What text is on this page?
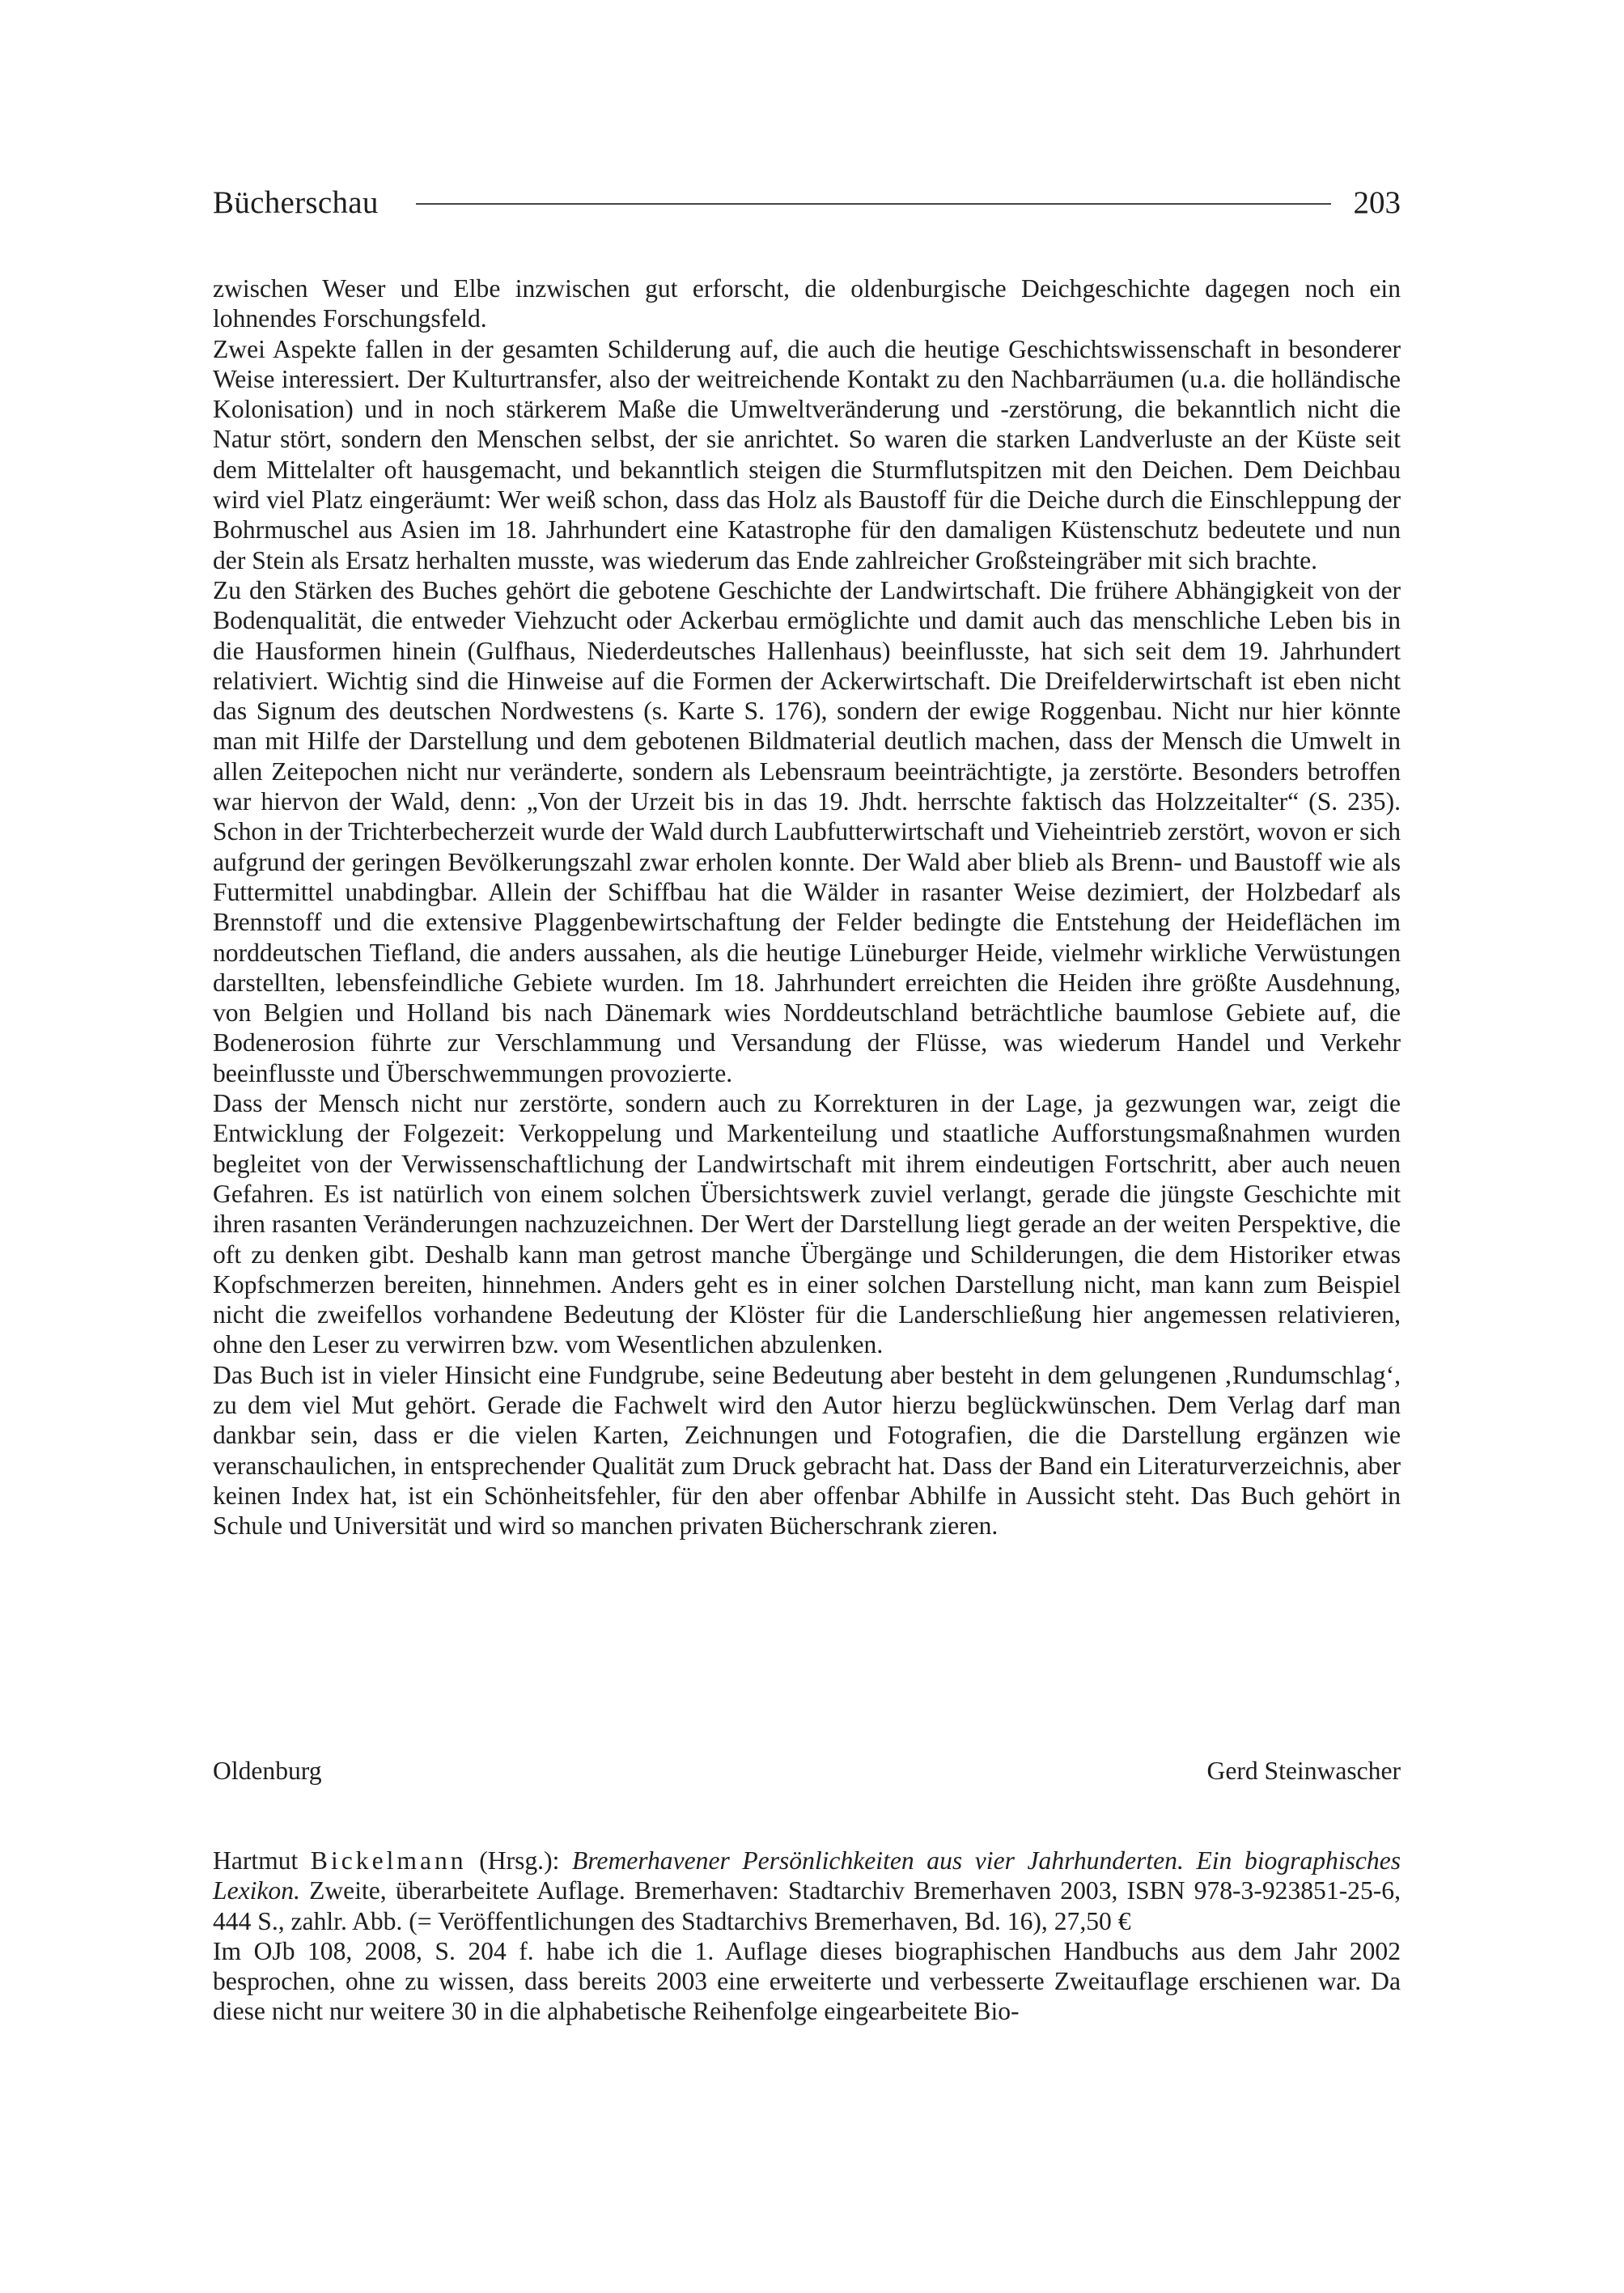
Bücherschau	203

zwischen Weser und Elbe inzwischen gut erforscht, die oldenburgische Deichgeschichte dagegen noch ein lohnendes Forschungsfeld.

Zwei Aspekte fallen in der gesamten Schilderung auf, die auch die heutige Geschichtswissenschaft in besonderer Weise interessiert. Der Kulturtransfer, also der weitreichende Kontakt zu den Nachbarräumen (u.a. die holländische Kolonisation) und in noch stärkerem Maße die Umweltveränderung und -zerstörung, die bekanntlich nicht die Natur stört, sondern den Menschen selbst, der sie anrichtet. So waren die starken Landverluste an der Küste seit dem Mittelalter oft hausgemacht, und bekanntlich steigen die Sturmflutspitzen mit den Deichen. Dem Deichbau wird viel Platz eingeräumt: Wer weiß schon, dass das Holz als Baustoff für die Deiche durch die Einschleppung der Bohrmuschel aus Asien im 18. Jahrhundert eine Katastrophe für den damaligen Küstenschutz bedeutete und nun der Stein als Ersatz herhalten musste, was wiederum das Ende zahlreicher Großsteingräber mit sich brachte.

Zu den Stärken des Buches gehört die gebotene Geschichte der Landwirtschaft. Die frühere Abhängigkeit von der Bodenqualität, die entweder Viehzucht oder Ackerbau ermöglichte und damit auch das menschliche Leben bis in die Hausformen hinein (Gulfhaus, Niederdeutsches Hallenhaus) beeinflusste, hat sich seit dem 19. Jahrhundert relativiert. Wichtig sind die Hinweise auf die Formen der Ackerwirtschaft. Die Dreifelderwirtschaft ist eben nicht das Signum des deutschen Nordwestens (s. Karte S. 176), sondern der ewige Roggenbau. Nicht nur hier könnte man mit Hilfe der Darstellung und dem gebotenen Bildmaterial deutlich machen, dass der Mensch die Umwelt in allen Zeitepochen nicht nur veränderte, sondern als Lebensraum beeinträchtigte, ja zerstörte. Besonders betroffen war hiervon der Wald, denn: „Von der Urzeit bis in das 19. Jhdt. herrschte faktisch das Holzzeitalter“ (S. 235). Schon in der Trichterbecherzeit wurde der Wald durch Laubfutterwirtschaft und Vieheintrieb zerstört, wovon er sich aufgrund der geringen Bevölkerungszahl zwar erholen konnte. Der Wald aber blieb als Brenn- und Baustoff wie als Futtermittel unabdingbar. Allein der Schiffbau hat die Wälder in rasanter Weise dezimiert, der Holzbedarf als Brennstoff und die extensive Plaggenbewirtschaftung der Felder bedingte die Entstehung der Heideflächen im norddeutschen Tiefland, die anders aussahen, als die heutige Lüneburger Heide, vielmehr wirkliche Verwüstungen darstellten, lebensfeindliche Gebiete wurden. Im 18. Jahrhundert erreichten die Heiden ihre größte Ausdehnung, von Belgien und Holland bis nach Dänemark wies Norddeutschland beträchtliche baumlose Gebiete auf, die Bodenerosion führte zur Verschlammung und Versandung der Flüsse, was wiederum Handel und Verkehr beeinflusste und Überschwemmungen provozierte.

Dass der Mensch nicht nur zerstörte, sondern auch zu Korrekturen in der Lage, ja gezwungen war, zeigt die Entwicklung der Folgezeit: Verkoppelung und Markenteilung und staatliche Aufforstungsmaßnahmen wurden begleitet von der Verwissenschaftlichung der Landwirtschaft mit ihrem eindeutigen Fortschritt, aber auch neuen Gefahren. Es ist natürlich von einem solchen Übersichtswerk zuviel verlangt, gerade die jüngste Geschichte mit ihren rasanten Veränderungen nachzuzeichnen. Der Wert der Darstellung liegt gerade an der weiten Perspektive, die oft zu denken gibt. Deshalb kann man getrost manche Übergänge und Schilderungen, die dem Historiker etwas Kopfschmerzen bereiten, hinnehmen. Anders geht es in einer solchen Darstellung nicht, man kann zum Beispiel nicht die zweifellos vorhandene Bedeutung der Klöster für die Landerschließung hier angemessen relativieren, ohne den Leser zu verwirren bzw. vom Wesentlichen abzulenken.

Das Buch ist in vieler Hinsicht eine Fundgrube, seine Bedeutung aber besteht in dem gelungenen ‚Rundumschlag‘, zu dem viel Mut gehört. Gerade die Fachwelt wird den Autor hierzu beglückwünschen. Dem Verlag darf man dankbar sein, dass er die vielen Karten, Zeichnungen und Fotografien, die die Darstellung ergänzen wie veranschaulichen, in entsprechender Qualität zum Druck gebracht hat. Dass der Band ein Literaturverzeichnis, aber keinen Index hat, ist ein Schönheitsfehler, für den aber offenbar Abhilfe in Aussicht steht. Das Buch gehört in Schule und Universität und wird so manchen privaten Bücherschrank zieren.

Oldenburg	Gerd Steinwascher

Hartmut Bickelmann (Hrsg.): Bremerhavener Persönlichkeiten aus vier Jahrhunderten. Ein biographisches Lexikon. Zweite, überarbeitete Auflage. Bremerhaven: Stadtarchiv Bremerhaven 2003, ISBN 978-3-923851-25-6, 444 S., zahlr. Abb. (= Veröffentlichungen des Stadtarchivs Bremerhaven, Bd. 16), 27,50 €

Im OJb 108, 2008, S. 204 f. habe ich die 1. Auflage dieses biographischen Handbuchs aus dem Jahr 2002 besprochen, ohne zu wissen, dass bereits 2003 eine erweiterte und verbesserte Zweitauflage erschienen war. Da diese nicht nur weitere 30 in die alphabetische Reihenfolge eingearbeitete Bio-
